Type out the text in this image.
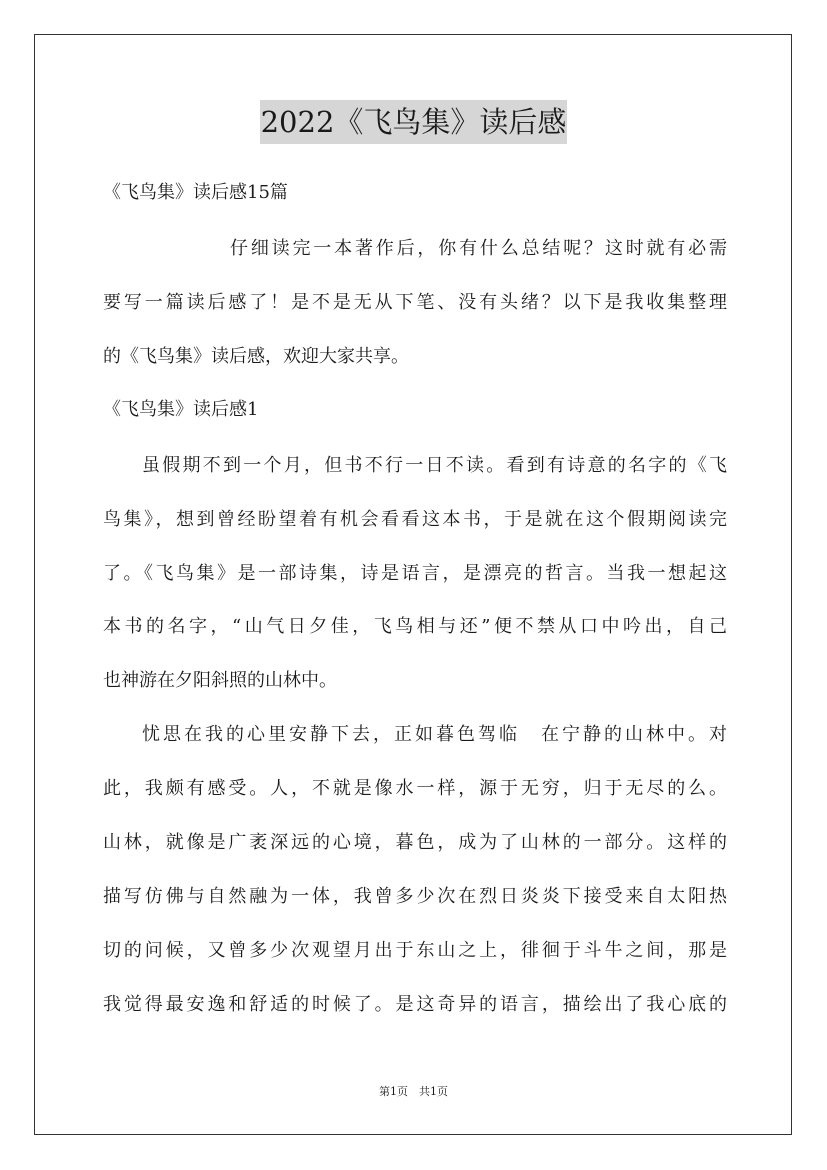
2022《飞鸟集》读后感
《飞鸟集》读后感15篇
仔细读完一本著作后，你有什么总结呢？这时就有必需
要写一篇读后感了！是不是无从下笔、没有头绪？以下是我收集整理
的《飞鸟集》读后感，欢迎大家共享。
《飞鸟集》读后感1
虽假期不到一个月，但书不行一日不读。看到有诗意的名字的《飞
鸟集》，想到曾经盼望着有机会看看这本书，于是就在这个假期阅读完
了。《飞鸟集》是一部诗集，诗是语言，是漂亮的哲言。当我一想起这
本书的名字，“山气日夕佳，飞鸟相与还”便不禁从口中吟出，自己
也神游在夕阳斜照的山林中。
忧思在我的心里安静下去，正如暮色驾临　在宁静的山林中。对
此，我颇有感受。人，不就是像水一样，源于无穷，归于无尽的么。
山林，就像是广袤深远的心境，暮色，成为了山林的一部分。这样的
描写仿佛与自然融为一体，我曾多少次在烈日炎炎下接受来自太阳热
切的问候，又曾多少次观望月出于东山之上，徘徊于斗牛之间，那是
我觉得最安逸和舒适的时候了。是这奇异的语言，描绘出了我心底的
第1页　共1页
